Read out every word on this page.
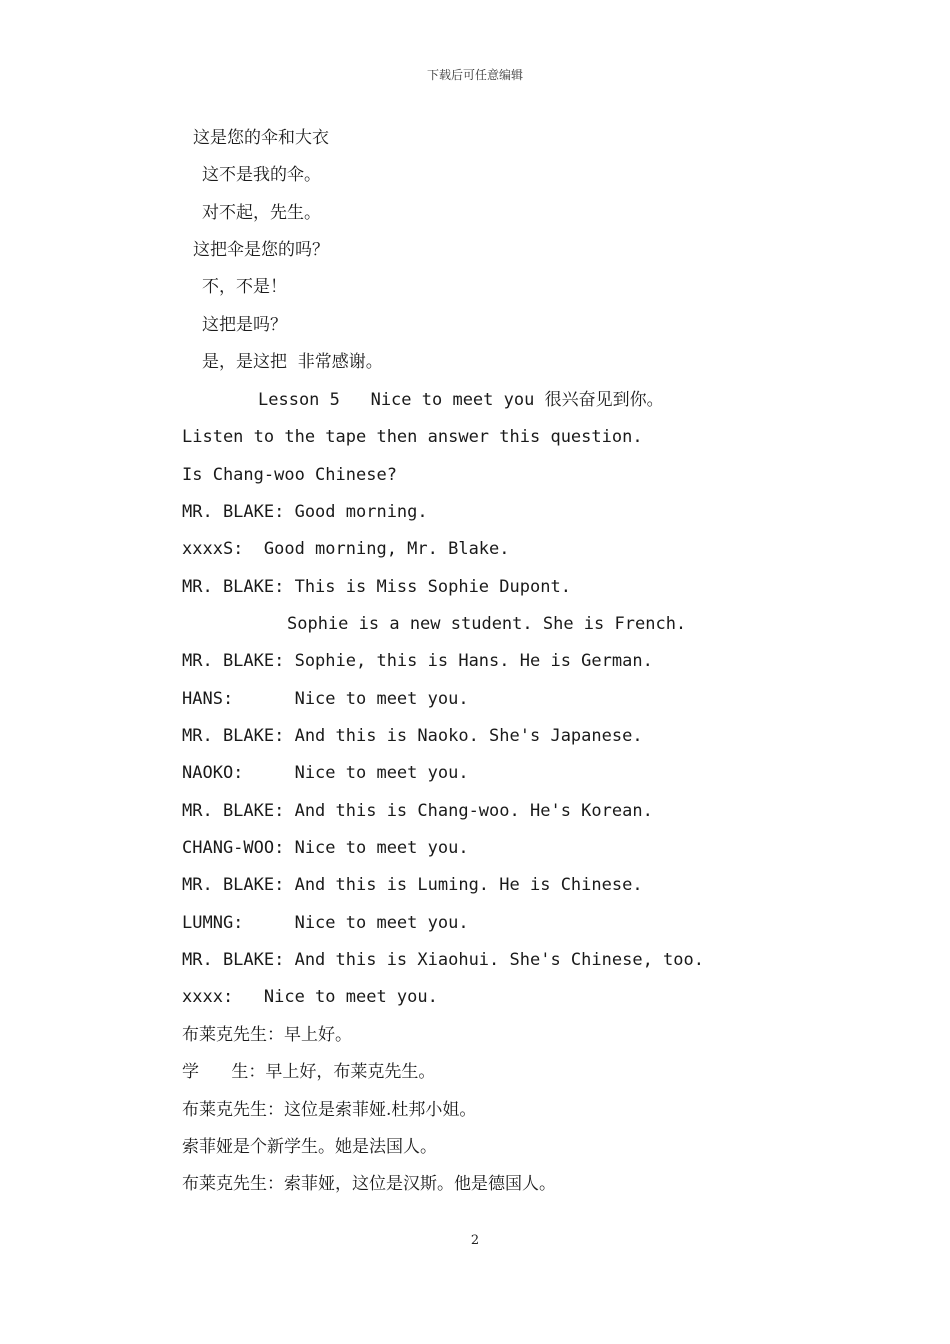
下载后可任意编辑
这是您的伞和大衣
这不是我的伞。
对不起，先生。
这把伞是您的吗？
不，不是！
这把是吗？
是，是这把  非常感谢。
Lesson 5   Nice to meet you 很兴奋见到你。
Listen to the tape then answer this question.
Is Chang-woo Chinese?
MR. BLAKE: Good morning.
xxxxS:  Good morning, Mr. Blake.
MR. BLAKE: This is Miss Sophie Dupont.
Sophie is a new student. She is French.
MR. BLAKE: Sophie, this is Hans. He is German.
HANS:      Nice to meet you.
MR. BLAKE: And this is Naoko. She's Japanese.
NAOKO:     Nice to meet you.
MR. BLAKE: And this is Chang-woo. He's Korean.
CHANG-WOO: Nice to meet you.
MR. BLAKE: And this is Luming. He is Chinese.
LUMNG:     Nice to meet you.
MR. BLAKE: And this is Xiaohui. She's Chinese, too.
xxxx:   Nice to meet you.
布莱克先生：早上好。
学      生：早上好，布莱克先生。
布莱克先生：这位是索菲娅.杜邦小姐。
索菲娅是个新学生。她是法国人。
布莱克先生：索菲娅，这位是汉斯。他是德国人。
2
